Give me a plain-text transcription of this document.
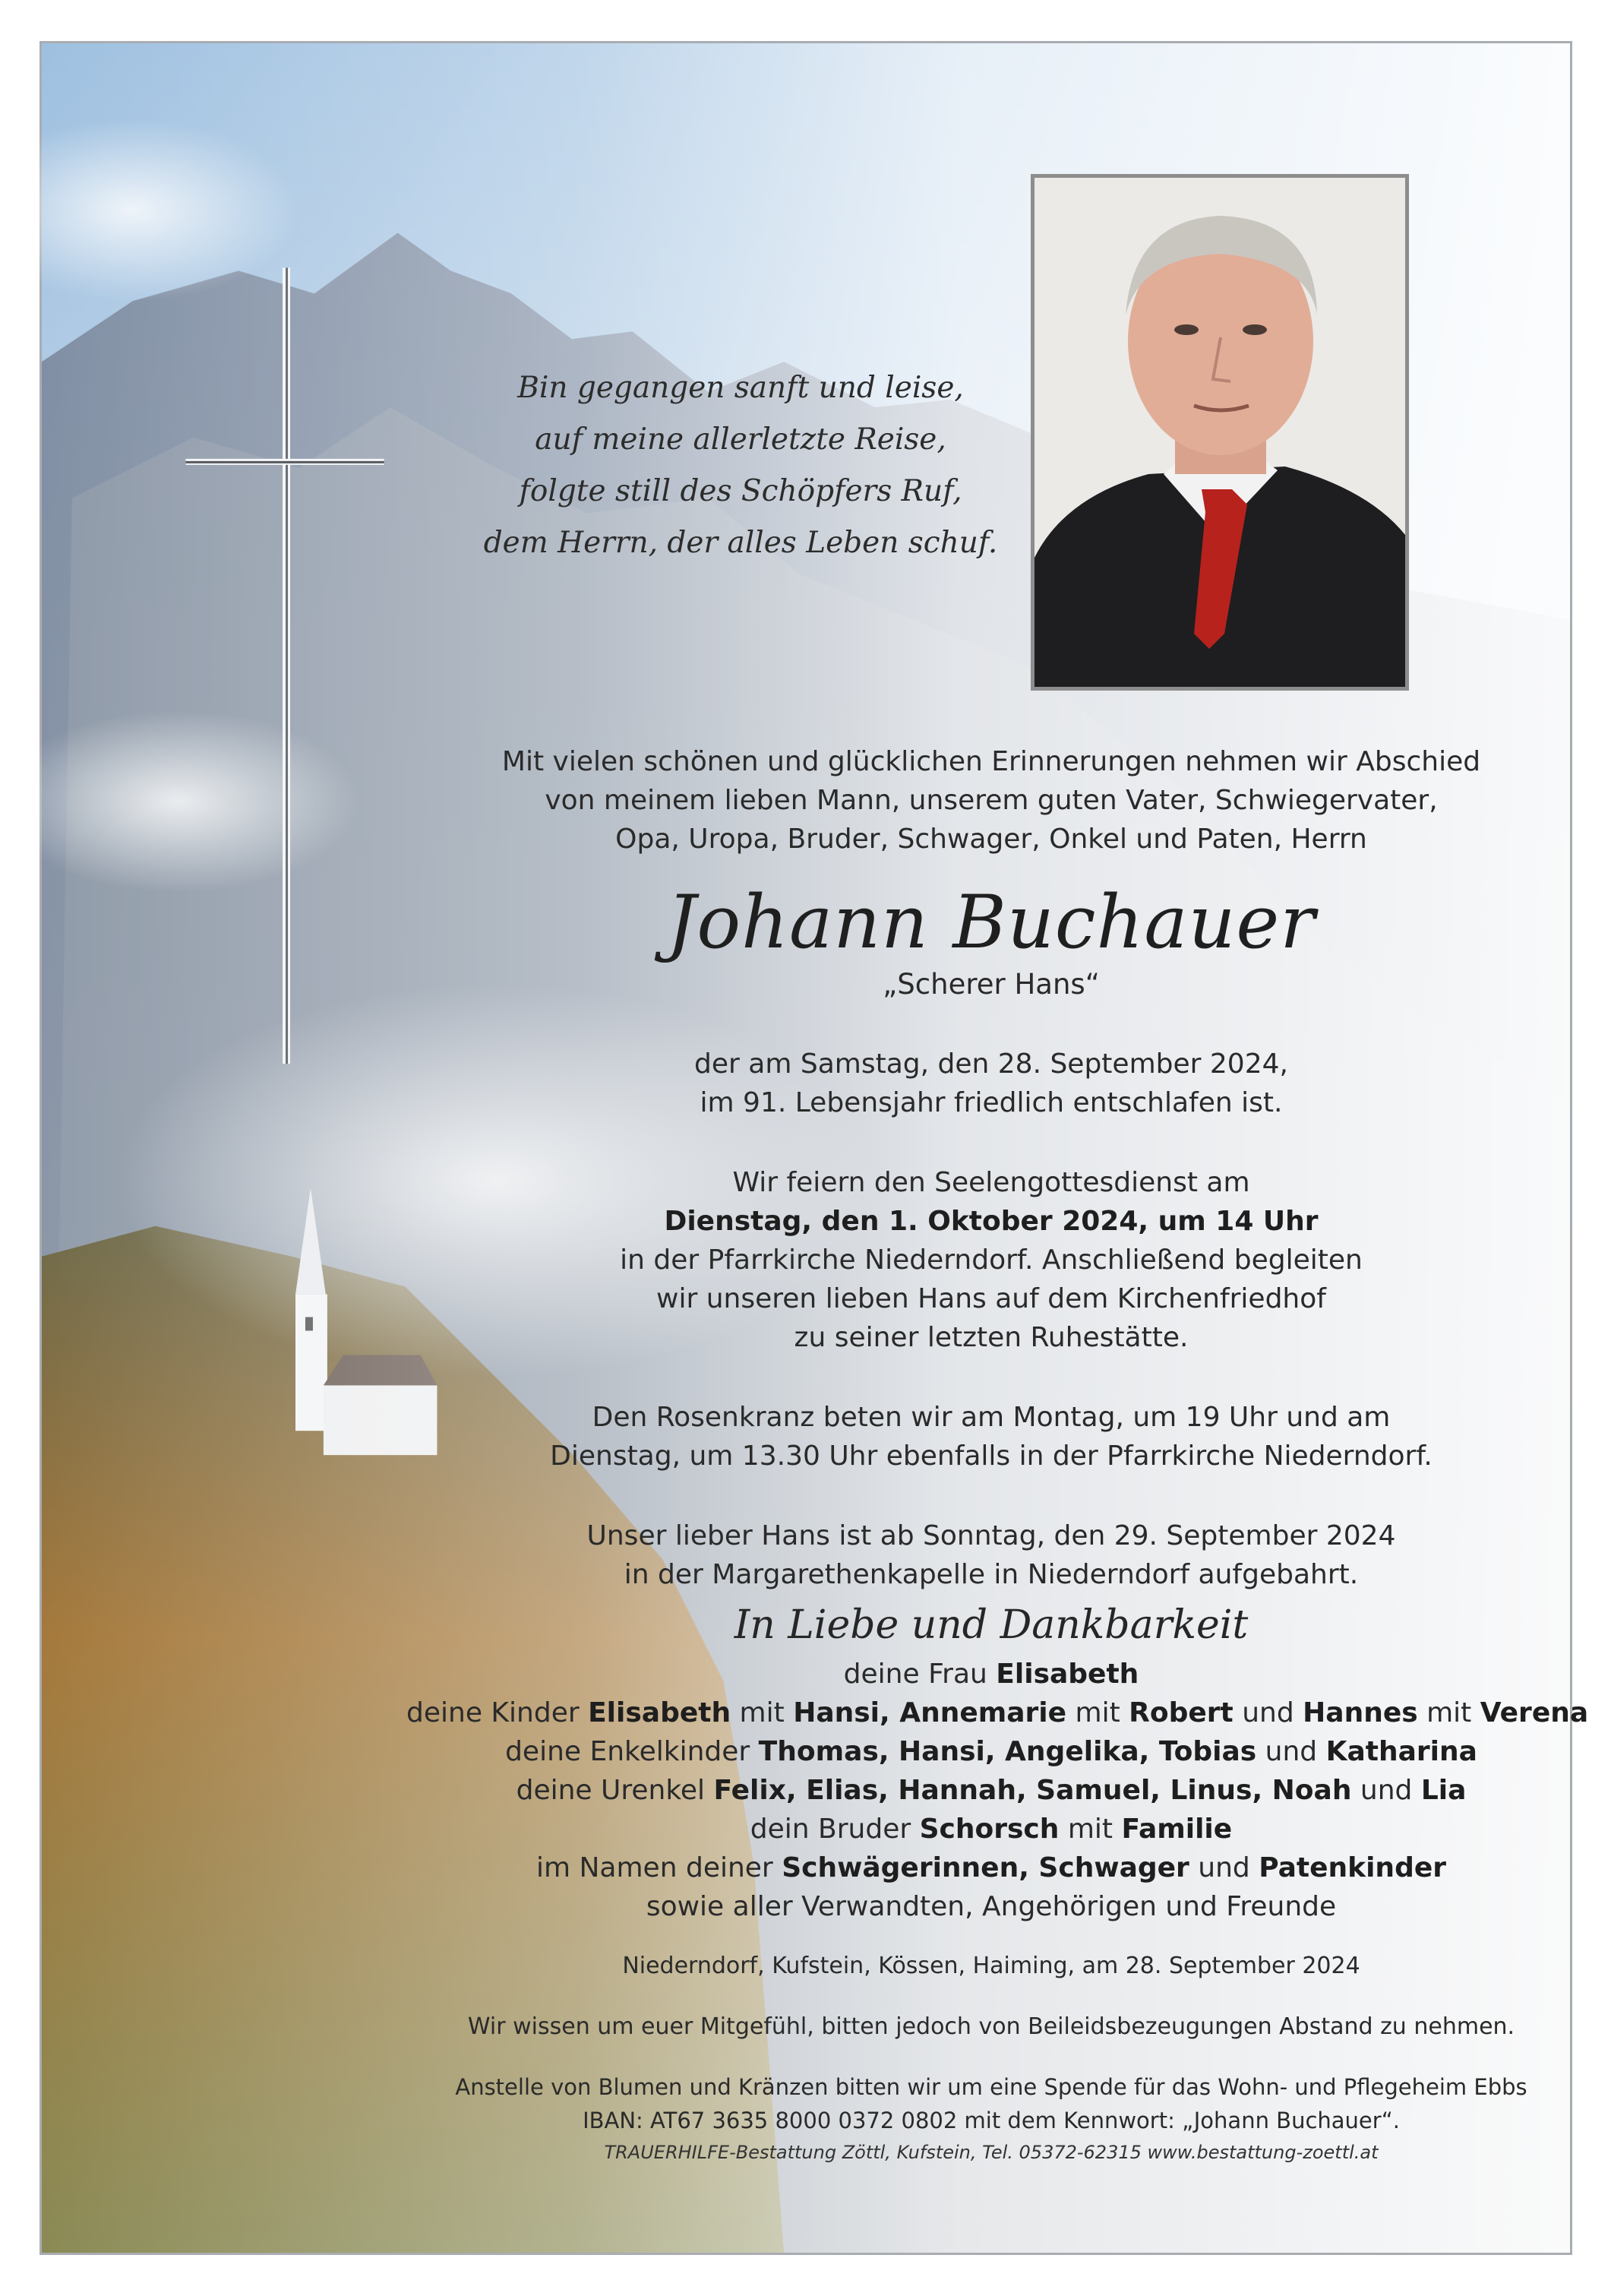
Bin gegangen sanft und leise,
auf meine allerletzte Reise,
folgte still des Schöpfers Ruf,
dem Herrn, der alles Leben schuf.
Mit vielen schönen und glücklichen Erinnerungen nehmen wir Abschied
von meinem lieben Mann, unserem guten Vater, Schwiegervater,
Opa, Uropa, Bruder, Schwager, Onkel und Paten, Herrn
Johann Buchauer
„Scherer Hans“
der am Samstag, den 28. September 2024,
im 91. Lebensjahr friedlich entschlafen ist.
Wir feiern den Seelengottesdienst am
Dienstag, den 1. Oktober 2024, um 14 Uhr
in der Pfarrkirche Niederndorf. Anschließend begleiten
wir unseren lieben Hans auf dem Kirchenfriedhof
zu seiner letzten Ruhestätte.
Den Rosenkranz beten wir am Montag, um 19 Uhr und am
Dienstag, um 13.30 Uhr ebenfalls in der Pfarrkirche Niederndorf.
Unser lieber Hans ist ab Sonntag, den 29. September 2024
in der Margarethenkapelle in Niederndorf aufgebahrt.
In Liebe und Dankbarkeit
deine Frau Elisabeth
deine Kinder Elisabeth mit Hansi, Annemarie mit Robert und Hannes mit Verena
deine Enkelkinder Thomas, Hansi, Angelika, Tobias und Katharina
deine Urenkel Felix, Elias, Hannah, Samuel, Linus, Noah und Lia
dein Bruder Schorsch mit Familie
im Namen deiner Schwägerinnen, Schwager und Patenkinder
sowie aller Verwandten, Angehörigen und Freunde
Niederndorf, Kufstein, Kössen, Haiming, am 28. September 2024
Wir wissen um euer Mitgefühl, bitten jedoch von Beileidsbezeugungen Abstand zu nehmen.
Anstelle von Blumen und Kränzen bitten wir um eine Spende für das Wohn- und Pflegeheim Ebbs
IBAN: AT67 3635 8000 0372 0802 mit dem Kennwort: „Johann Buchauer“.
TRAUERHILFE-Bestattung Zöttl, Kufstein, Tel. 05372-62315 www.bestattung-zoettl.at
